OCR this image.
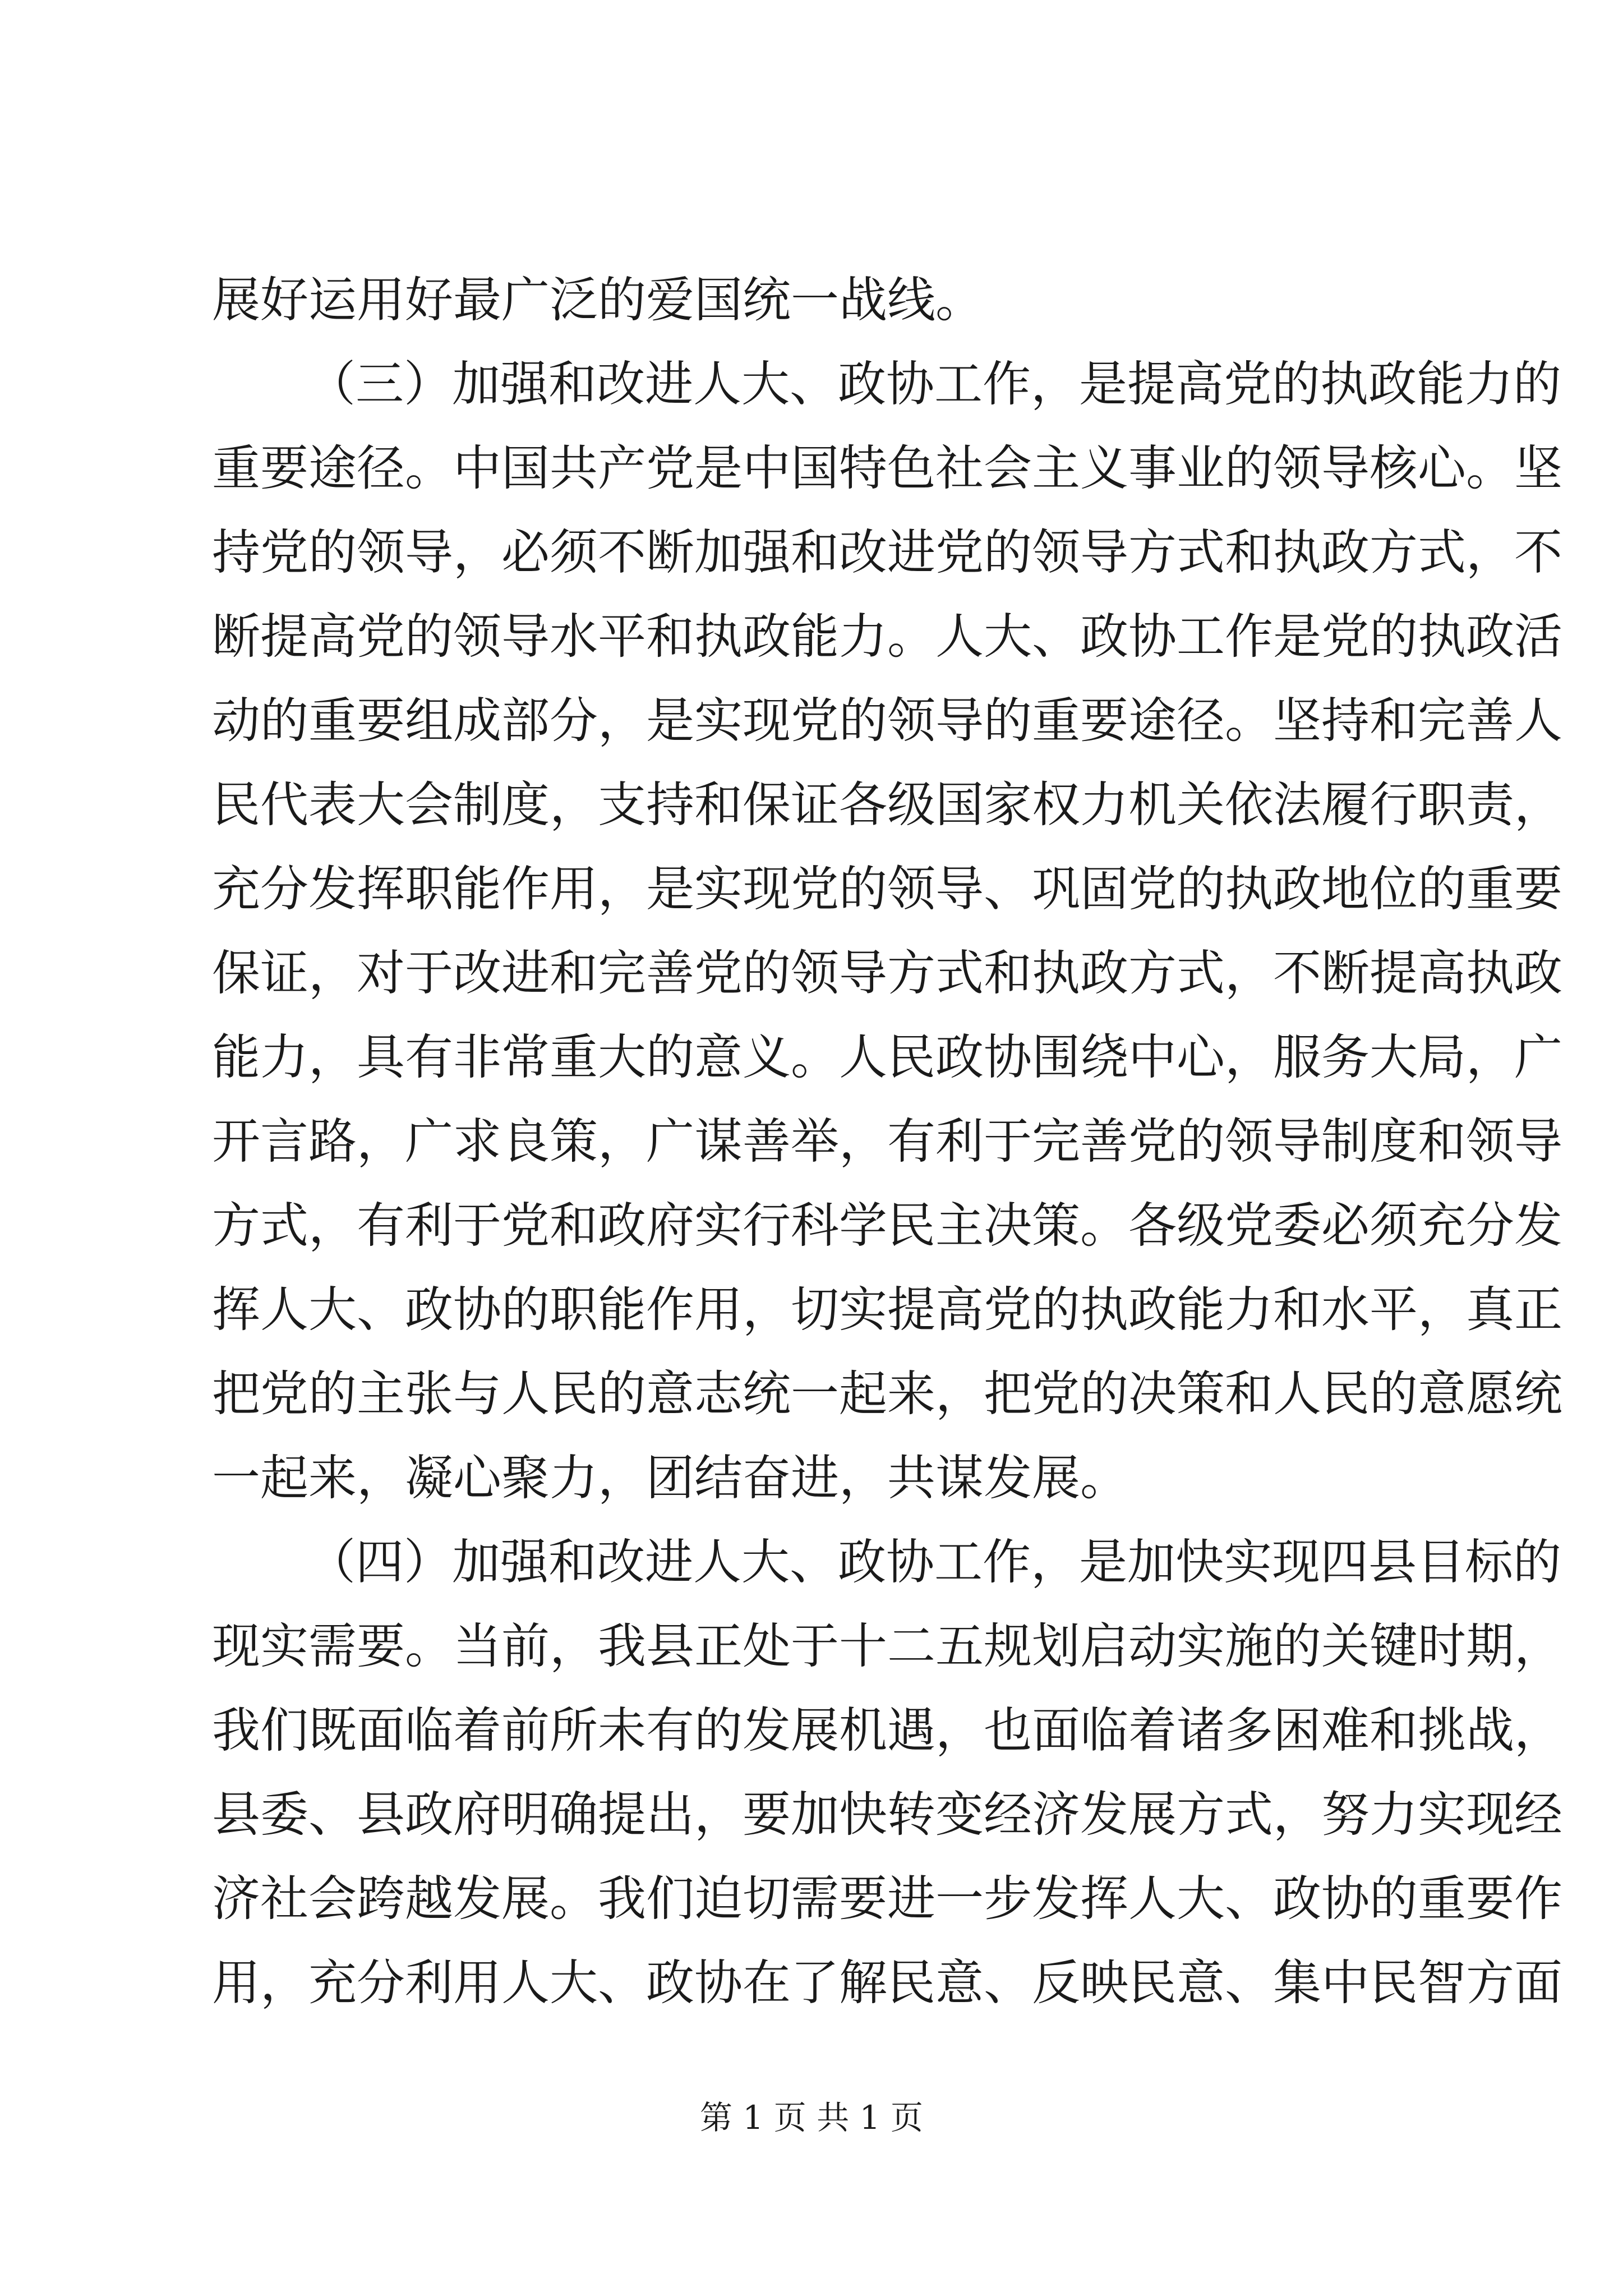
展好运用好最广泛的爱国统一战线。
（三）加强和改进人大、政协工作，是提高党的执政能力的
重要途径。中国共产党是中国特色社会主义事业的领导核心。坚
持党的领导，必须不断加强和改进党的领导方式和执政方式，不
断提高党的领导水平和执政能力。人大、政协工作是党的执政活
动的重要组成部分，是实现党的领导的重要途径。坚持和完善人
民代表大会制度，支持和保证各级国家权力机关依法履行职责，
充分发挥职能作用，是实现党的领导、巩固党的执政地位的重要
保证，对于改进和完善党的领导方式和执政方式，不断提高执政
能力，具有非常重大的意义。人民政协围绕中心，服务大局，广
开言路，广求良策，广谋善举，有利于完善党的领导制度和领导
方式，有利于党和政府实行科学民主决策。各级党委必须充分发
挥人大、政协的职能作用，切实提高党的执政能力和水平，真正
把党的主张与人民的意志统一起来，把党的决策和人民的意愿统
一起来，凝心聚力，团结奋进，共谋发展。
（四）加强和改进人大、政协工作，是加快实现四县目标的
现实需要。当前，我县正处于十二五规划启动实施的关键时期，
我们既面临着前所未有的发展机遇，也面临着诸多困难和挑战，
县委、县政府明确提出，要加快转变经济发展方式，努力实现经
济社会跨越发展。我们迫切需要进一步发挥人大、政协的重要作
用，充分利用人大、政协在了解民意、反映民意、集中民智方面
第 1 页 共 1 页
